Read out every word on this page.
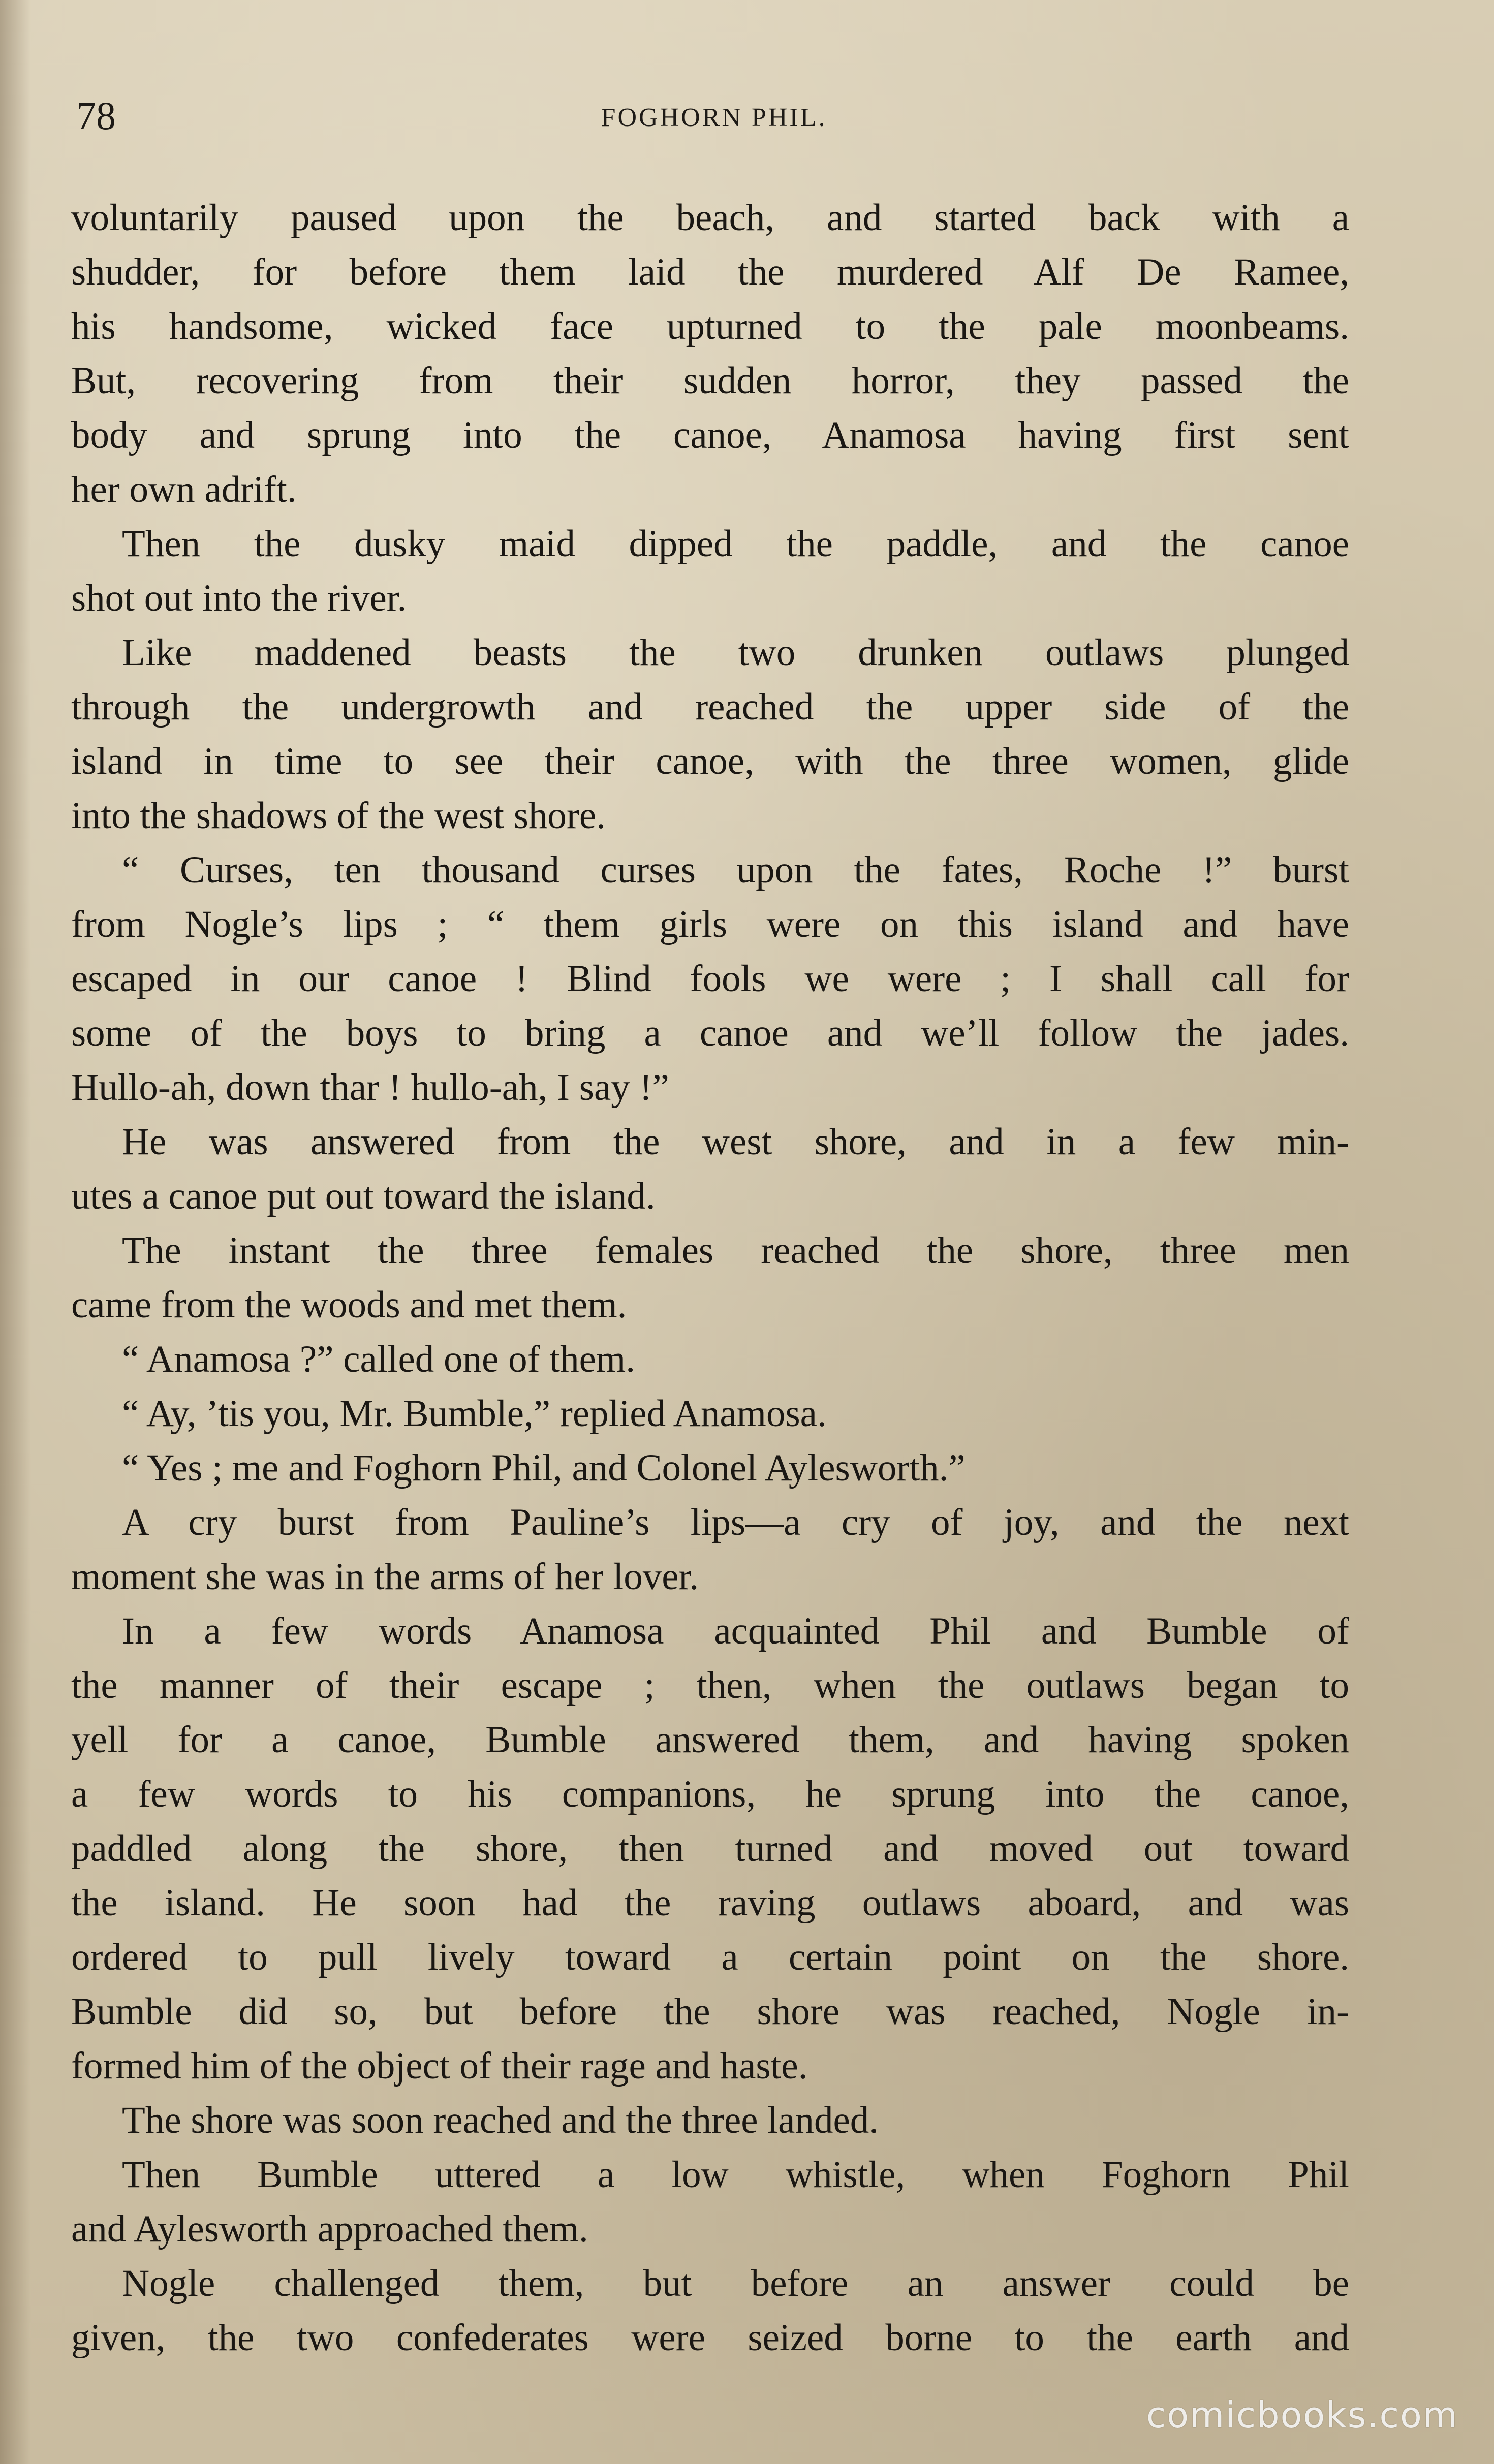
78	FOGHORN PHIL.

voluntarily paused upon the beach, and started back with a

shudder, for before them laid the murdered Alf De Ramee,

his handsome, wicked face upturned to the pale moonbeams.

But, recovering from their sudden horror, they passed the

body and sprung into the canoe, Anamosa having first sent

her own adrift.

Then the dusky maid dipped the paddle, and the canoe

shot out into the river.

Like maddened beasts the two drunken outlaws plunged

through the undergrowth and reached the upper side of the

island in time to see their canoe, with the three women, glide

into the shadows of the west shore.

“ Curses, ten thousand curses upon the fates, Roche !” burst

from Nogle’s lips ; “ them girls were on this island and have

escaped in our canoe ! Blind fools we were ; I shall call for

some of the boys to bring a canoe and we’ll follow the jades.

Hullo-ah, down thar ! hullo-ah, I say !”

He was answered from the west shore, and in a few min-

utes a canoe put out toward the island.

The instant the three females reached the shore, three men

came from the woods and met them.

“ Anamosa ?” called one of them.

“ Ay, ’tis you, Mr. Bumble,” replied Anamosa.

“ Yes ; me and Foghorn Phil, and Colonel Aylesworth.”

A cry burst from Pauline’s lips—a cry of joy, and the next

moment she was in the arms of her lover.

In a few words Anamosa acquainted Phil and Bumble of

the manner of their escape ; then, when the outlaws began to

yell for a canoe, Bumble answered them, and having spoken

a few words to his companions, he sprung into the canoe,

paddled along the shore, then turned and moved out toward

the island. He soon had the raving outlaws aboard, and was

ordered to pull lively toward a certain point on the shore.

Bumble did so, but before the shore was reached, Nogle in-

formed him of the object of their rage and haste.

The shore was soon reached and the three landed.

Then Bumble uttered a low whistle, when Foghorn Phil

and Aylesworth approached them.

Nogle challenged them, but before an answer could be

given, the two confederates were seized borne to the earth and

comicbooks.com
